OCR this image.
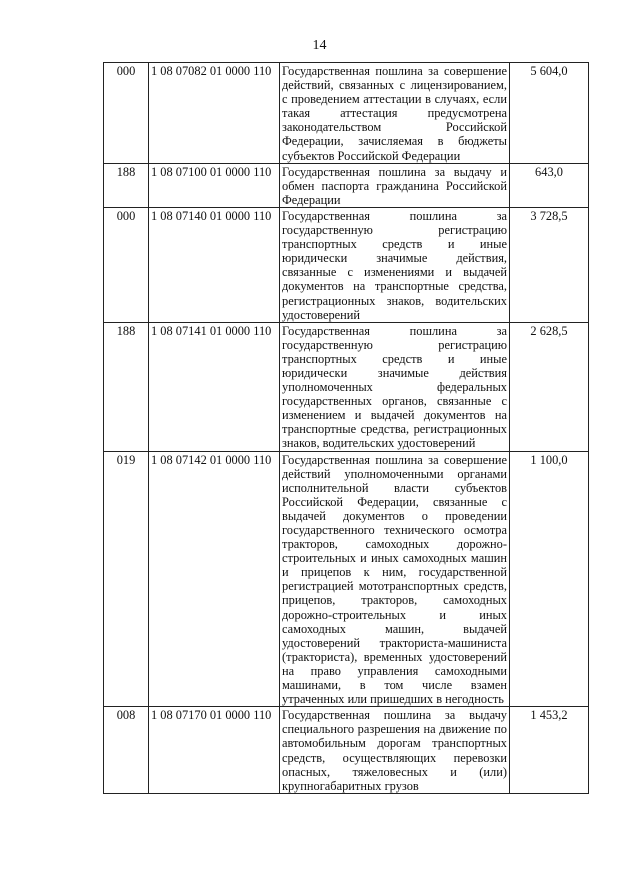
14
000	1 08 07082 01 0000 110	Государственная пошлина за совершение действий, связанных с лицензированием, с проведением аттестации в случаях, если такая аттестация предусмотрена законодательством Российской Федерации, зачисляемая в бюджеты субъектов Российской Федерации	5 604,0
188	1 08 07100 01 0000 110	Государственная пошлина за выдачу и обмен паспорта гражданина Российской Федерации	643,0
000	1 08 07140 01 0000 110	Государственная пошлина за государственную регистрацию транспортных средств и иные юридически значимые действия, связанные с изменениями и выдачей документов на транспортные средства, регистрационных знаков, водительских удостоверений	3 728,5
188	1 08 07141 01 0000 110	Государственная пошлина за государственную регистрацию транспортных средств и иные юридически значимые действия уполномоченных федеральных государственных органов, связанные с изменением и выдачей документов на транспортные средства, регистрационных знаков, водительских удостоверений	2 628,5
019	1 08 07142 01 0000 110	Государственная пошлина за совершение действий уполномоченными органами исполнительной власти субъектов Российской Федерации, связанные с выдачей документов о проведении государственного технического осмотра тракторов, самоходных дорожно-строительных и иных самоходных машин и прицепов к ним, государственной регистрацией мототранспортных средств, прицепов, тракторов, самоходных дорожно-строительных и иных самоходных машин, выдачей удостоверений тракториста-машиниста (тракториста), временных удостоверений на право управления самоходными машинами, в том числе взамен утраченных или пришедших в негодность	1 100,0
008	1 08 07170 01 0000 110	Государственная пошлина за выдачу специального разрешения на движение по автомобильным дорогам транспортных средств, осуществляющих перевозки опасных, тяжеловесных и (или) крупногабаритных грузов	1 453,2
